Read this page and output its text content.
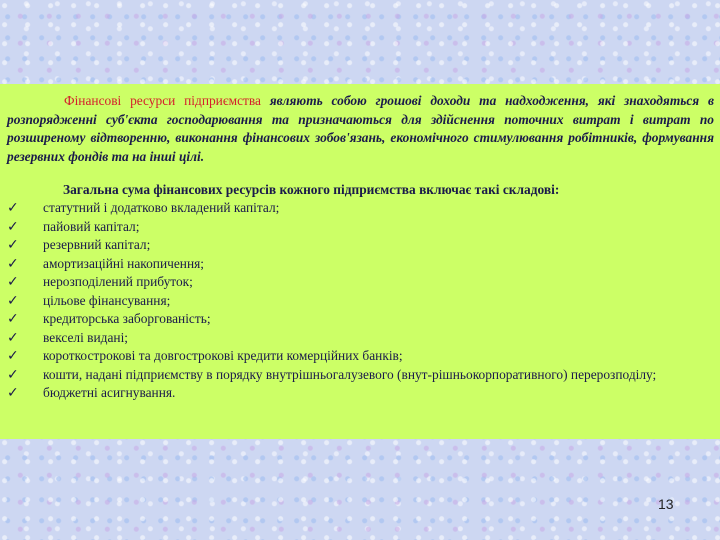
Фінансові ресурси підприємства являють собою грошові доходи та надходження, які знаходяться в розпорядженні суб'єкта господарювання та призначаються для здійснення поточних витрат і витрат по розширеному відтворенню, виконання фінансових зобов'язань, економічного стимулювання робітників, формування резервних фондів та на інші цілі.

Загальна сума фінансових ресурсів кожного підприємства включає такі складові:

✓	статутний і додатково вкладений капітал;
✓	пайовий капітал;
✓	резервний капітал;
✓	амортизаційні накопичення;
✓	нерозподілений прибуток;
✓	цільове фінансування;
✓	кредиторська заборгованість;
✓	векселі видані;
✓	короткострокові та довгострокові кредити комерційних банків;
✓ кошти, надані підприємству в порядку внутрішньогалузевого (внут-рішньокорпоративного) перерозподілу;
✓	бюджетні асигнування.
13
